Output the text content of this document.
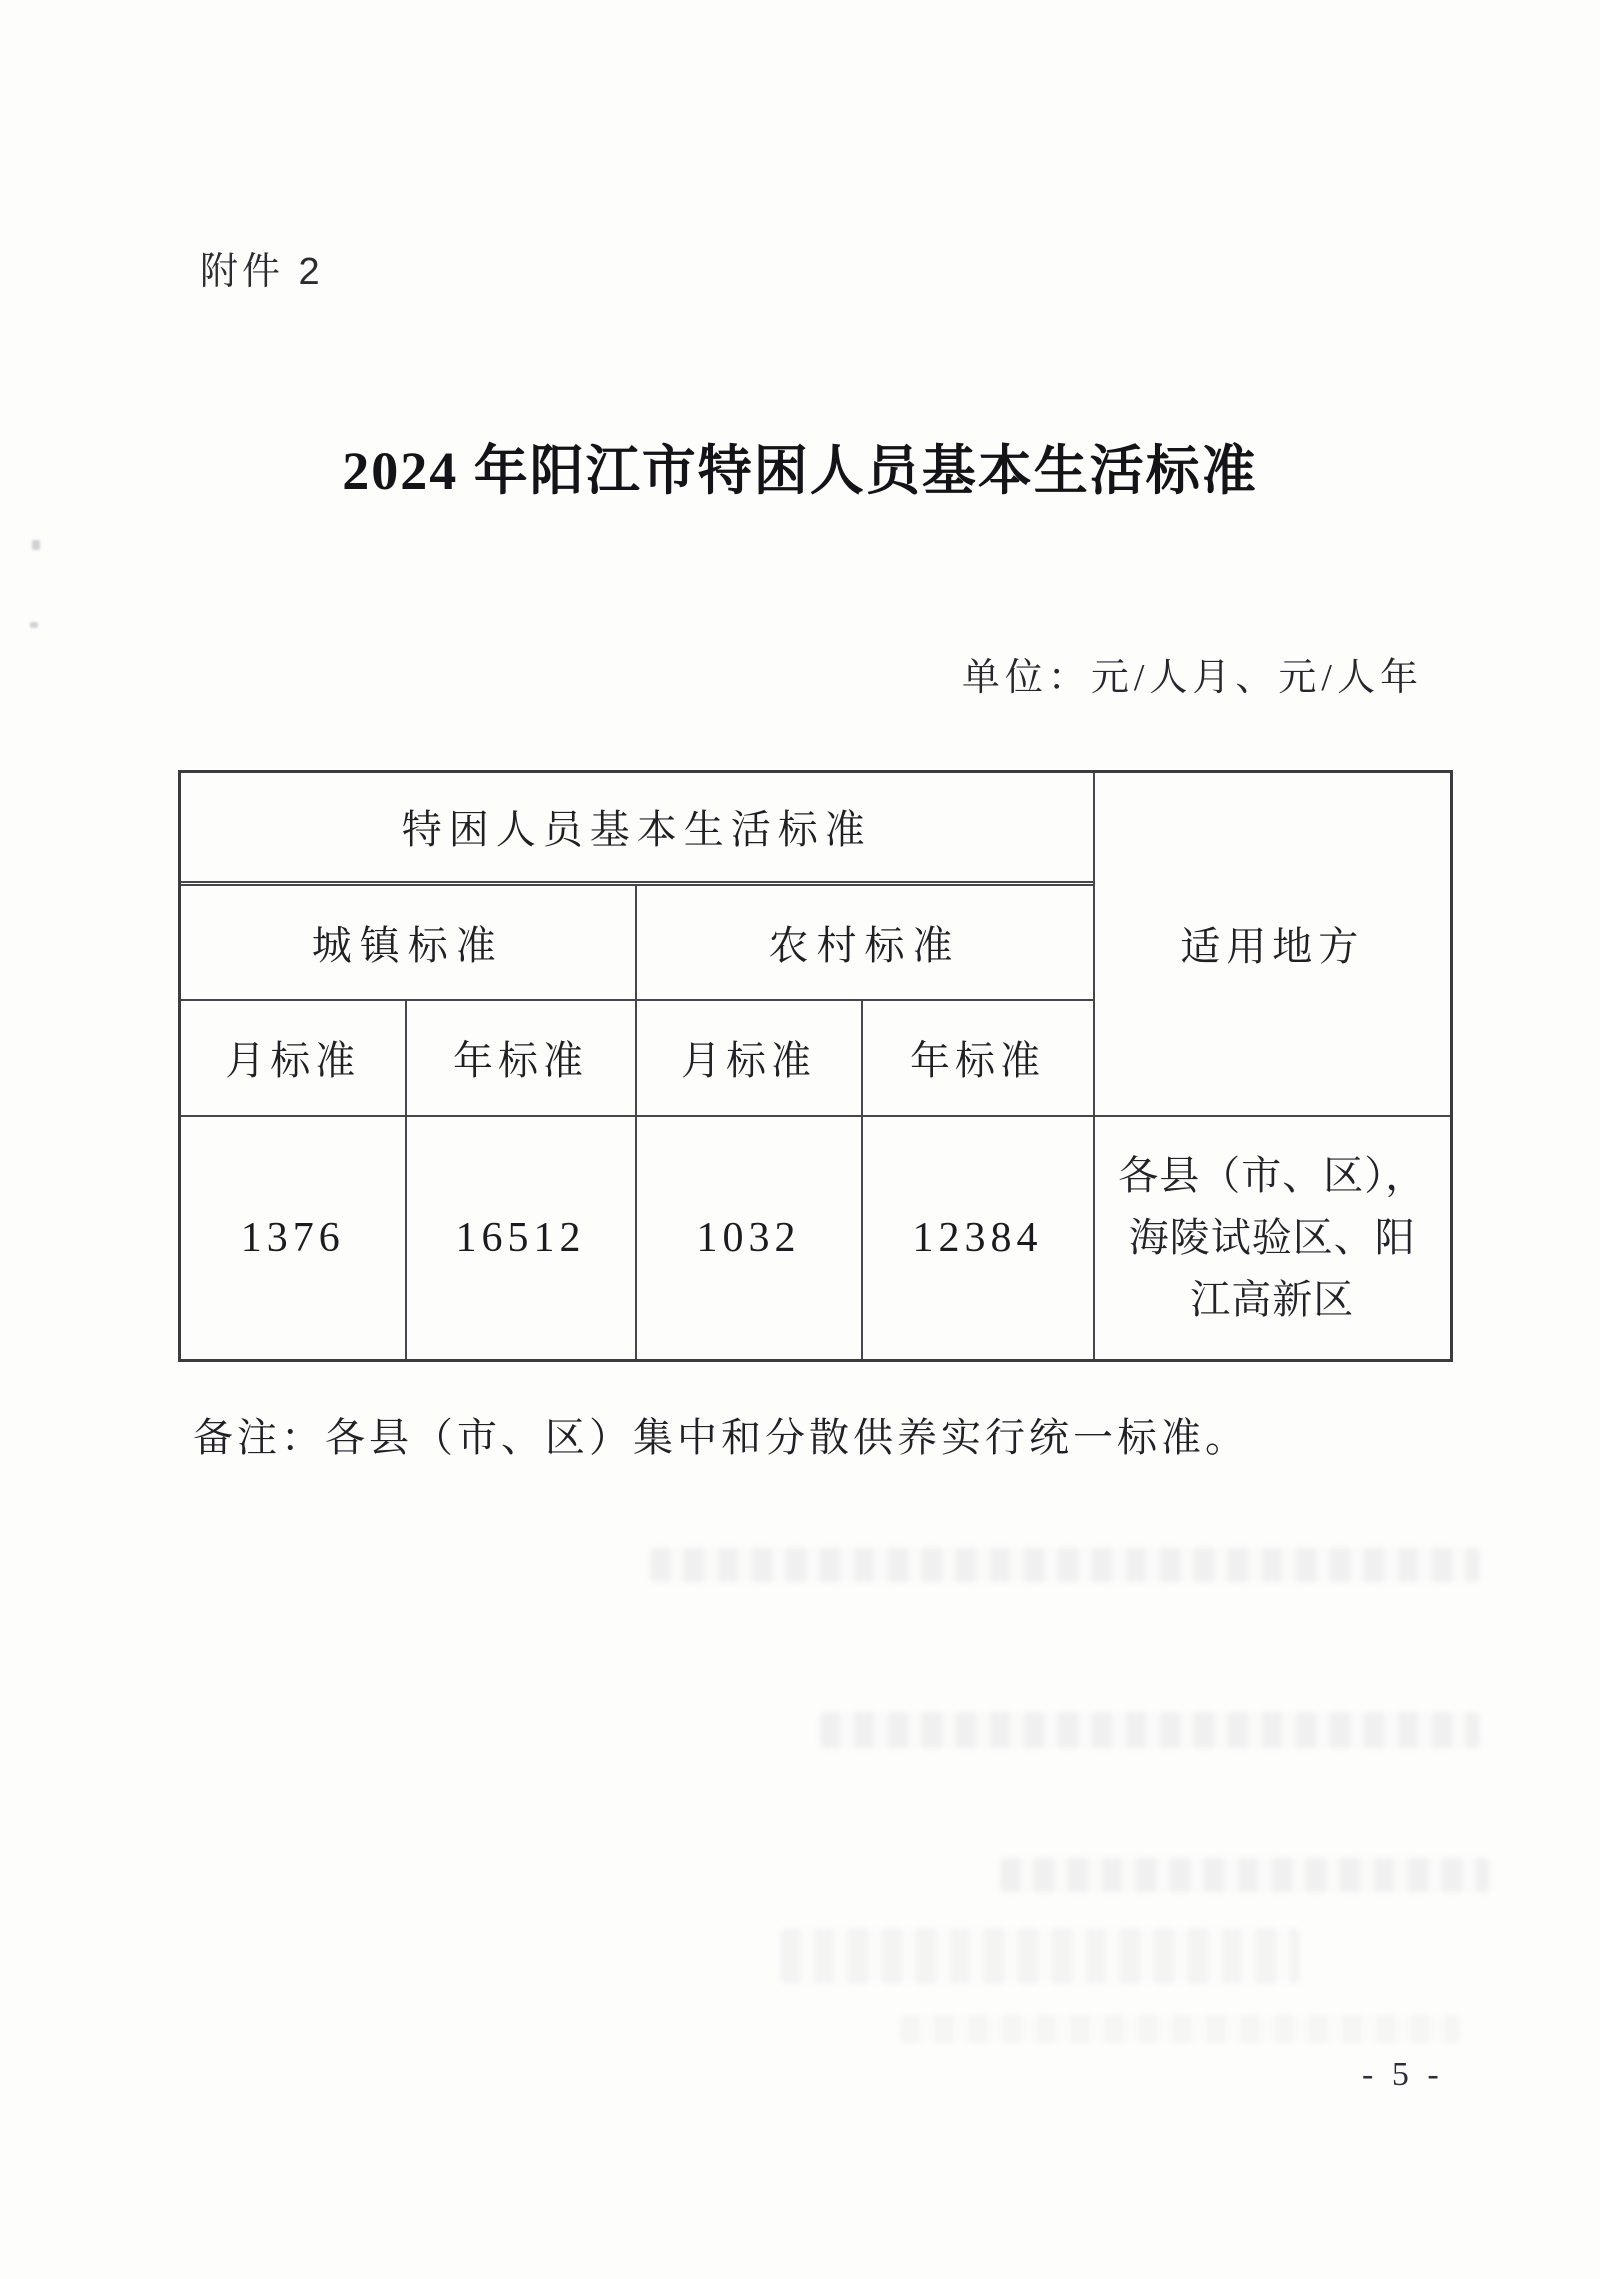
附件 2
2024 年阳江市特困人员基本生活标准
单位：元/人月、元/人年
特困人员基本生活标准				适用地方

城镇标准		农村标准		
月标准	年标准	月标准	年标准	
1376	16512	1032	12384	各县（市、区），
海陵试验区、阳
江高新区
备注：各县（市、区）集中和分散供养实行统一标准。
- 5 -
